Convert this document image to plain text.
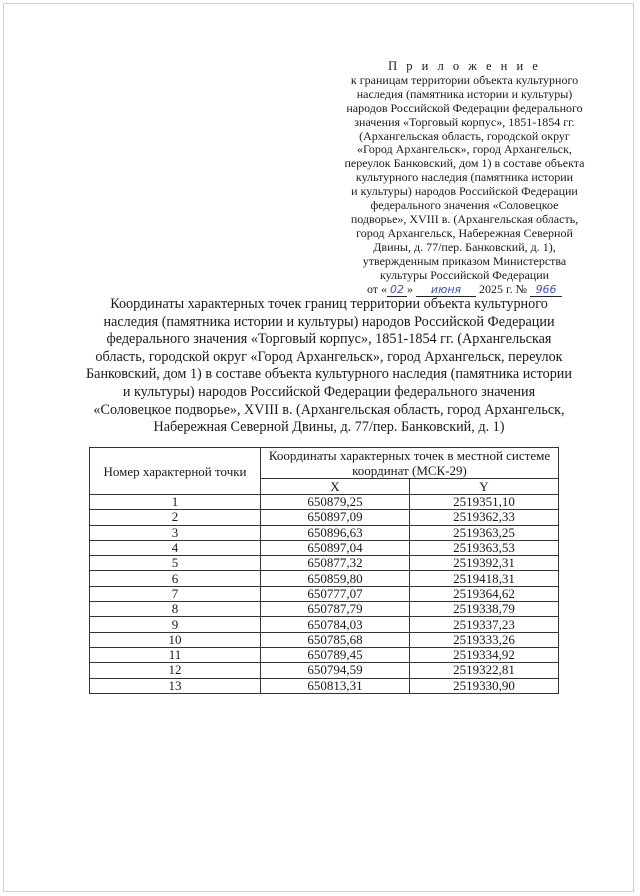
П р и л о ж е н и е
к границам территории объекта культурного
наследия (памятника истории и культуры)
народов Российской Федерации федерального
значения «Торговый корпус», 1851-1854 гг.
(Архангельская область, городской округ
«Город Архангельск», город Архангельск,
переулок Банковский, дом 1) в составе объекта
культурного наследия (памятника истории
и культуры) народов Российской Федерации
федерального значения «Соловецкое
подворье», XVIII в. (Архангельская область,
город Архангельск, Набережная Северной
Двины, д. 77/пер. Банковский, д. 1),
утвержденным приказом Министерства
культуры Российской Федерации
от « 02 » июня 2025 г. № 966
Координаты характерных точек границ территории объекта культурного
наследия (памятника истории и культуры) народов Российской Федерации
федерального значения «Торговый корпус», 1851-1854 гг. (Архангельская
область, городской округ «Город Архангельск», город Архангельск, переулок
Банковский, дом 1) в составе объекта культурного наследия (памятника истории
и культуры) народов Российской Федерации федерального значения
«Соловецкое подворье», XVIII в. (Архангельская область, город Архангельск,
Набережная Северной Двины, д. 77/пер. Банковский, д. 1)
Номер характерной точки	Координаты характерных точек в местной системе координат (МСК-29)	
	X	Y
1	650879,25	2519351,10
2	650897,09	2519362,33
3	650896,63	2519363,25
4	650897,04	2519363,53
5	650877,32	2519392,31
6	650859,80	2519418,31
7	650777,07	2519364,62
8	650787,79	2519338,79
9	650784,03	2519337,23
10	650785,68	2519333,26
11	650789,45	2519334,92
12	650794,59	2519322,81
13	650813,31	2519330,90
